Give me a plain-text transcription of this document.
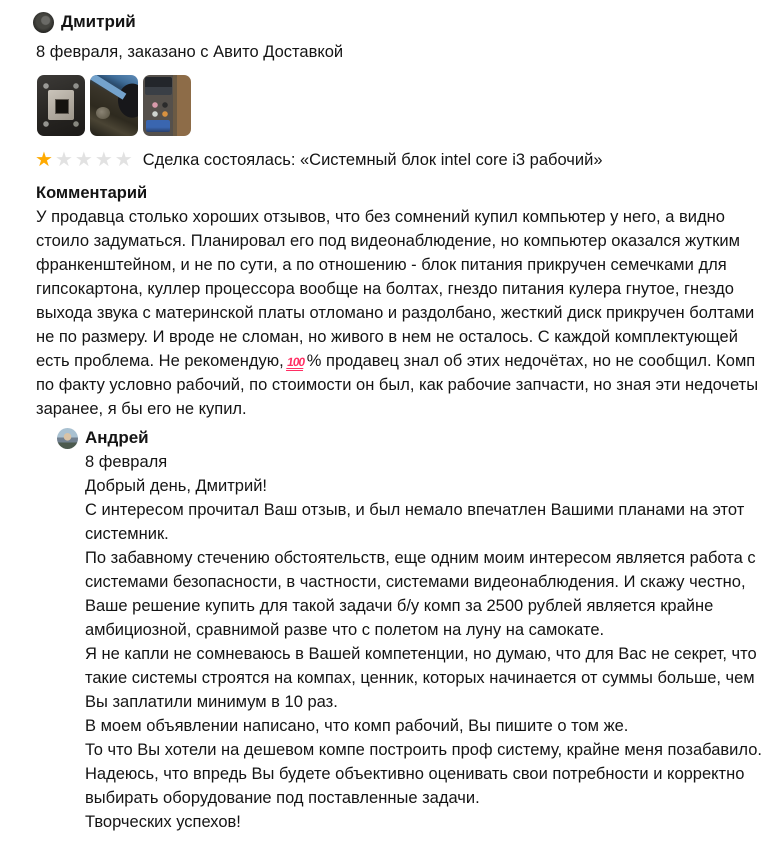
Дмитрий
8 февраля, заказано с Авито Доставкой
★ ★ ★ ★ ★ Сделка состоялась: «Системный блок intel core i3 рабочий»
Комментарий
У продавца столько хороших отзывов, что без сомнений купил компьютер у него, а видно стоило задуматься. Планировал его под видеонаблюдение, но компьютер оказался жутким франкенштейном, и не по сути, а по отношению - блок питания прикручен семечками для гипсокартона, куллер процессора вообще на болтах, гнездо питания кулера гнутое, гнездо выхода звука с материнской платы отломано и раздолбано, жесткий диск прикручен болтами не по размеру. И вроде не сломан, но живого в нем не осталось. С каждой комплектующей есть проблема. Не рекомендую, 100 % продавец знал об этих недочётах, но не сообщил. Комп по факту условно рабочий, по стоимости он был, как рабочие запчасти, но зная эти недочеты заранее, я бы его не купил.
Андрей
8 февраля
Добрый день, Дмитрий!
С интересом прочитал Ваш отзыв, и был немало впечатлен Вашими планами на этот системник.
По забавному стечению обстоятельств, еще одним моим интересом является работа с системами безопасности, в частности, системами видеонаблюдения. И скажу честно, Ваше решение купить для такой задачи б/у комп за 2500 рублей является крайне амбициозной, сравнимой разве что с полетом на луну на самокате.
Я не капли не сомневаюсь в Вашей компетенции, но думаю, что для Вас не секрет, что такие системы строятся на компах, ценник, которых начинается от суммы больше, чем Вы заплатили минимум в 10 раз.
В моем объявлении написано, что комп рабочий, Вы пишите о том же.
То что Вы хотели на дешевом компе построить проф систему, крайне меня позабавило.
Надеюсь, что впредь Вы будете объективно оценивать свои потребности и корректно выбирать оборудование под поставленные задачи.
Творческих успехов!
